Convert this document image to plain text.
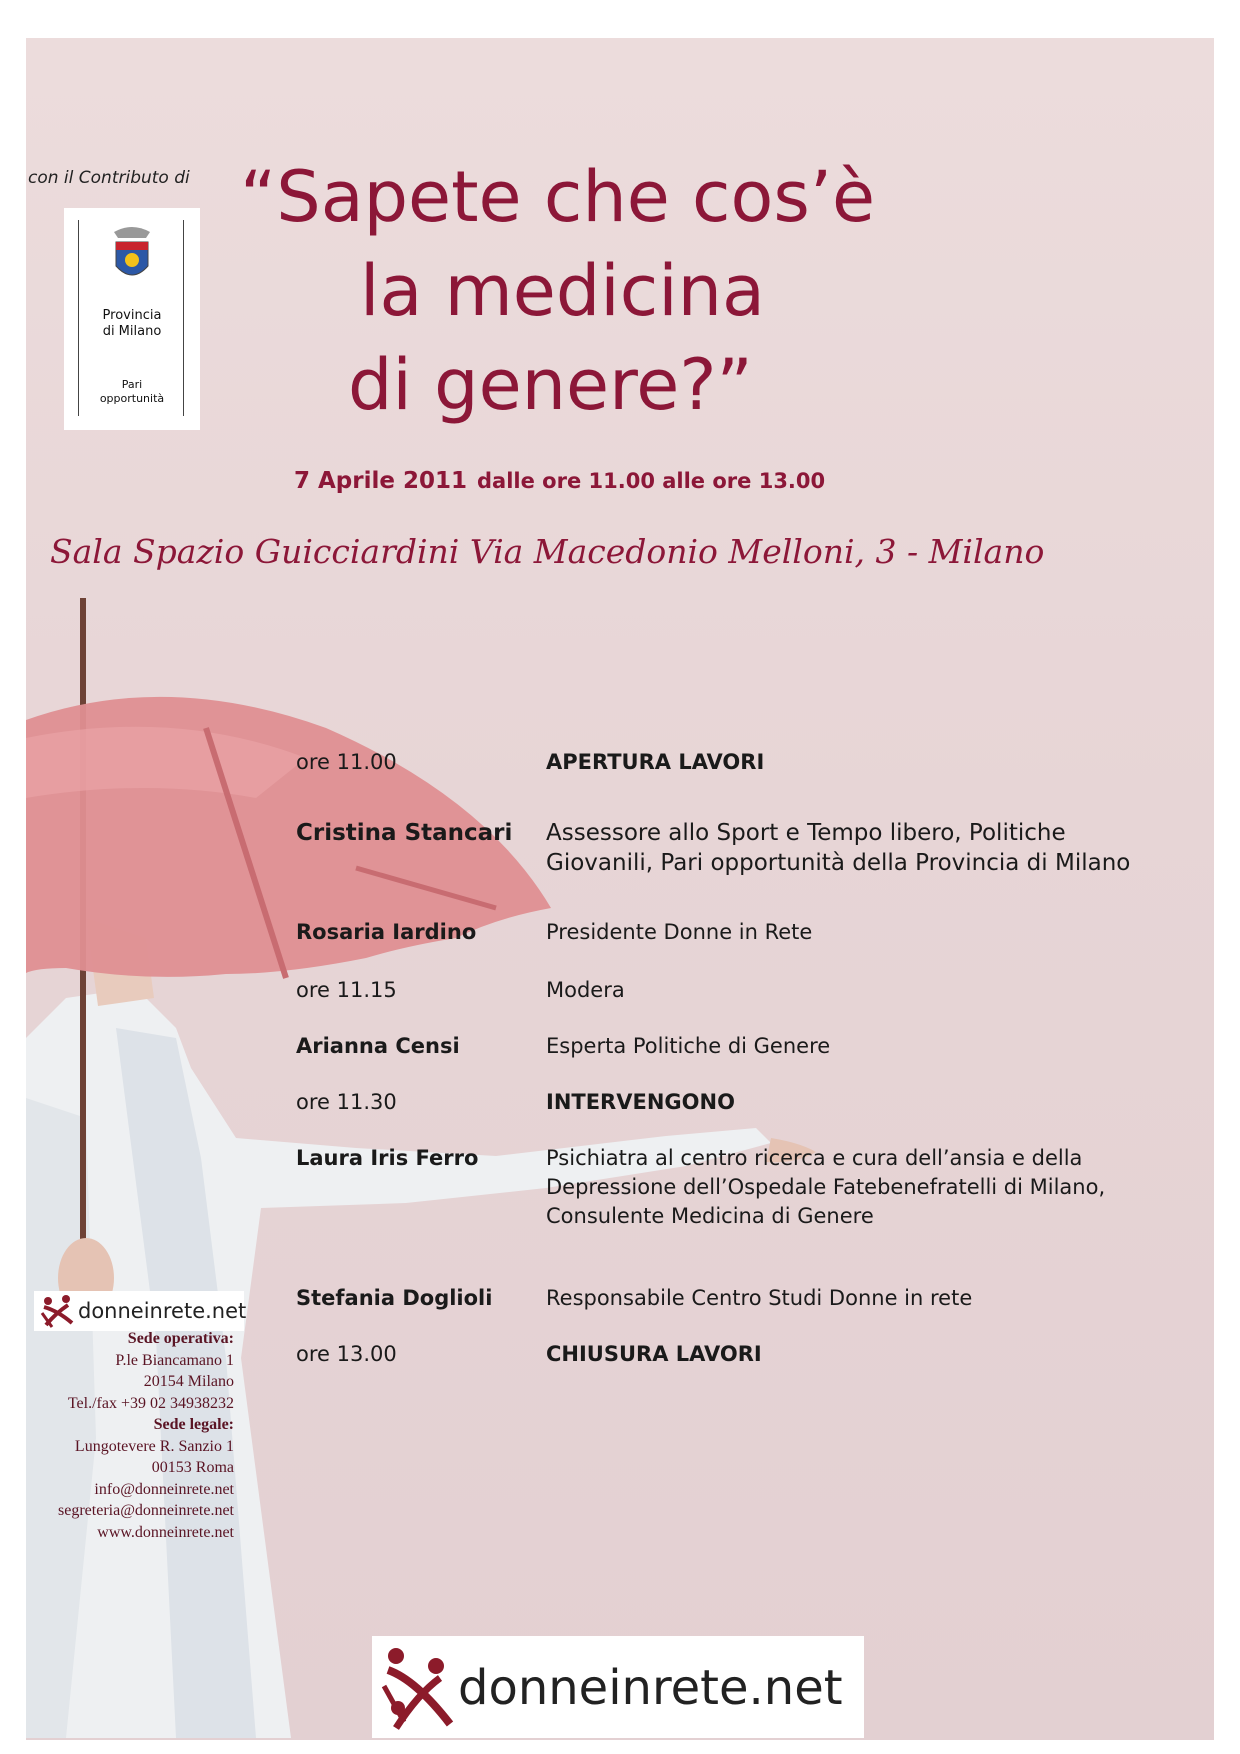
con il Contributo di
Provincia
di Milano
Pari
opportunità
“Sapete che cos’è
la medicina
di genere?”
7 Aprile 2011 dalle ore 11.00 alle ore 13.00
Sala Spazio Guicciardini Via Macedonio Melloni, 3 - Milano
ore 11.00	APERTURA LAVORI
Cristina Stancari	Assessore allo Sport e Tempo libero, Politiche Giovanili, Pari opportunità della Provincia di Milano
Rosaria Iardino	Presidente Donne in Rete
ore 11.15	Modera
Arianna Censi	Esperta Politiche di Genere
ore 11.30	INTERVENGONO
Laura Iris Ferro	Psichiatra al centro ricerca e cura dell’ansia e della Depressione dell’Ospedale Fatebenefratelli di Milano, Consulente Medicina di Genere
Stefania Doglioli	Responsabile Centro Studi Donne in rete
ore 13.00	CHIUSURA LAVORI
donneinrete.net
Sede operativa:
P.le Biancamano 1
20154 Milano
Tel./fax +39 02 34938232
Sede legale:
Lungotevere R. Sanzio 1
00153 Roma
info@donneinrete.net
segreteria@donneinrete.net
www.donneinrete.net
donneinrete.net
